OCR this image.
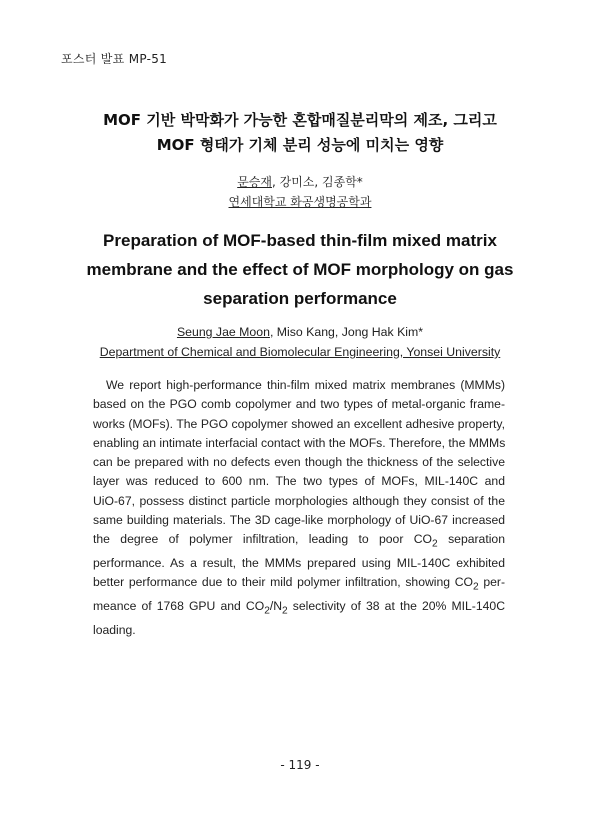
포스터 발표 MP-51
MOF 기반 박막화가 가능한 혼합매질분리막의 제조, 그리고
MOF 형태가 기체 분리 성능에 미치는 영향
문승재, 강미소, 김종학*
연세대학교 화공생명공학과
Preparation of MOF-based thin-film mixed matrix
membrane and the effect of MOF morphology on gas
separation performance
Seung Jae Moon, Miso Kang, Jong Hak Kim*
Department of Chemical and Biomolecular Engineering, Yonsei University
We report high-performance thin-film mixed matrix membranes (MMMs)
based on the PGO comb copolymer and two types of metal-organic frame-
works (MOFs). The PGO copolymer showed an excellent adhesive property,
enabling an intimate interfacial contact with the MOFs. Therefore, the MMMs
can be prepared with no defects even though the thickness of the selective
layer was reduced to 600 nm. The two types of MOFs, MIL-140C and
UiO-67, possess distinct particle morphologies although they consist of the
same building materials. The 3D cage-like morphology of UiO-67 increased
the degree of polymer infiltration, leading to poor $CO_2$ separation
performance. As a result, the MMMs prepared using MIL-140C exhibited
better performance due to their mild polymer infiltration, showing $CO_2$ per-
meance of 1768 GPU and $CO_2/N_2$ selectivity of 38 at the 20% MIL-140C
loading.
- 119 -
